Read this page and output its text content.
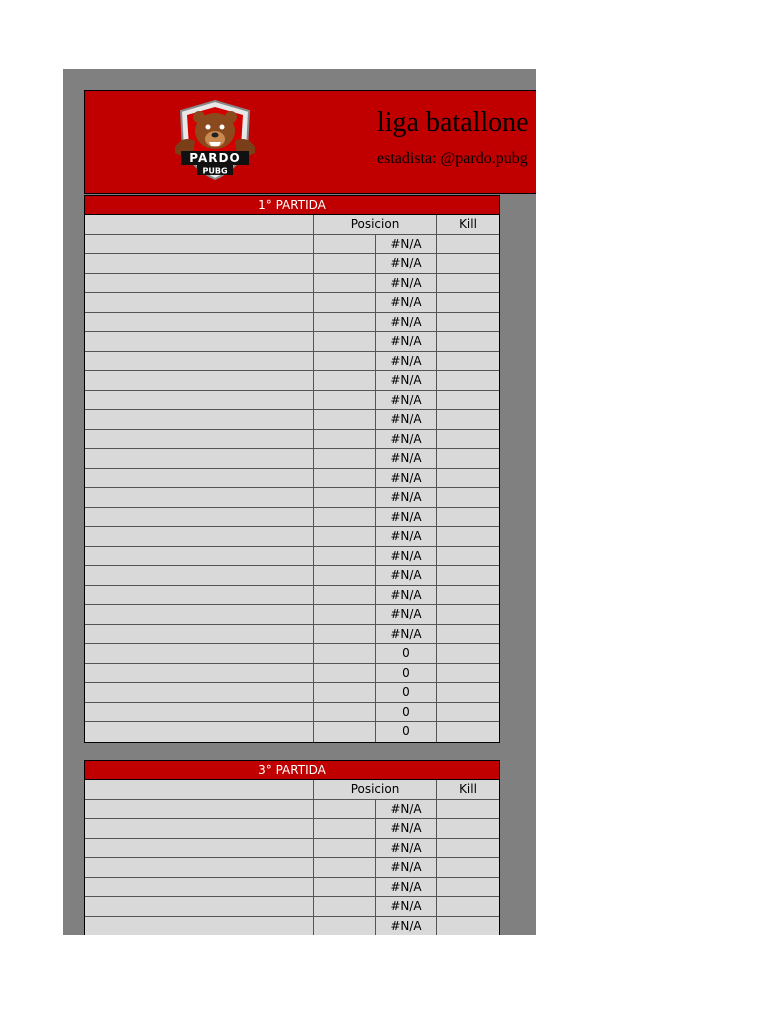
PARDO
PUBG
liga batallone
estadista: @pardo.pubg
1° PARTIDA
Posicion	Kill
#N/A
#N/A
#N/A
#N/A
#N/A
#N/A
#N/A
#N/A
#N/A
#N/A
#N/A
#N/A
#N/A
#N/A
#N/A
#N/A
#N/A
#N/A
#N/A
#N/A
#N/A
0
0
0
0
0
3° PARTIDA
Posicion	Kill
#N/A
#N/A
#N/A
#N/A
#N/A
#N/A
#N/A
